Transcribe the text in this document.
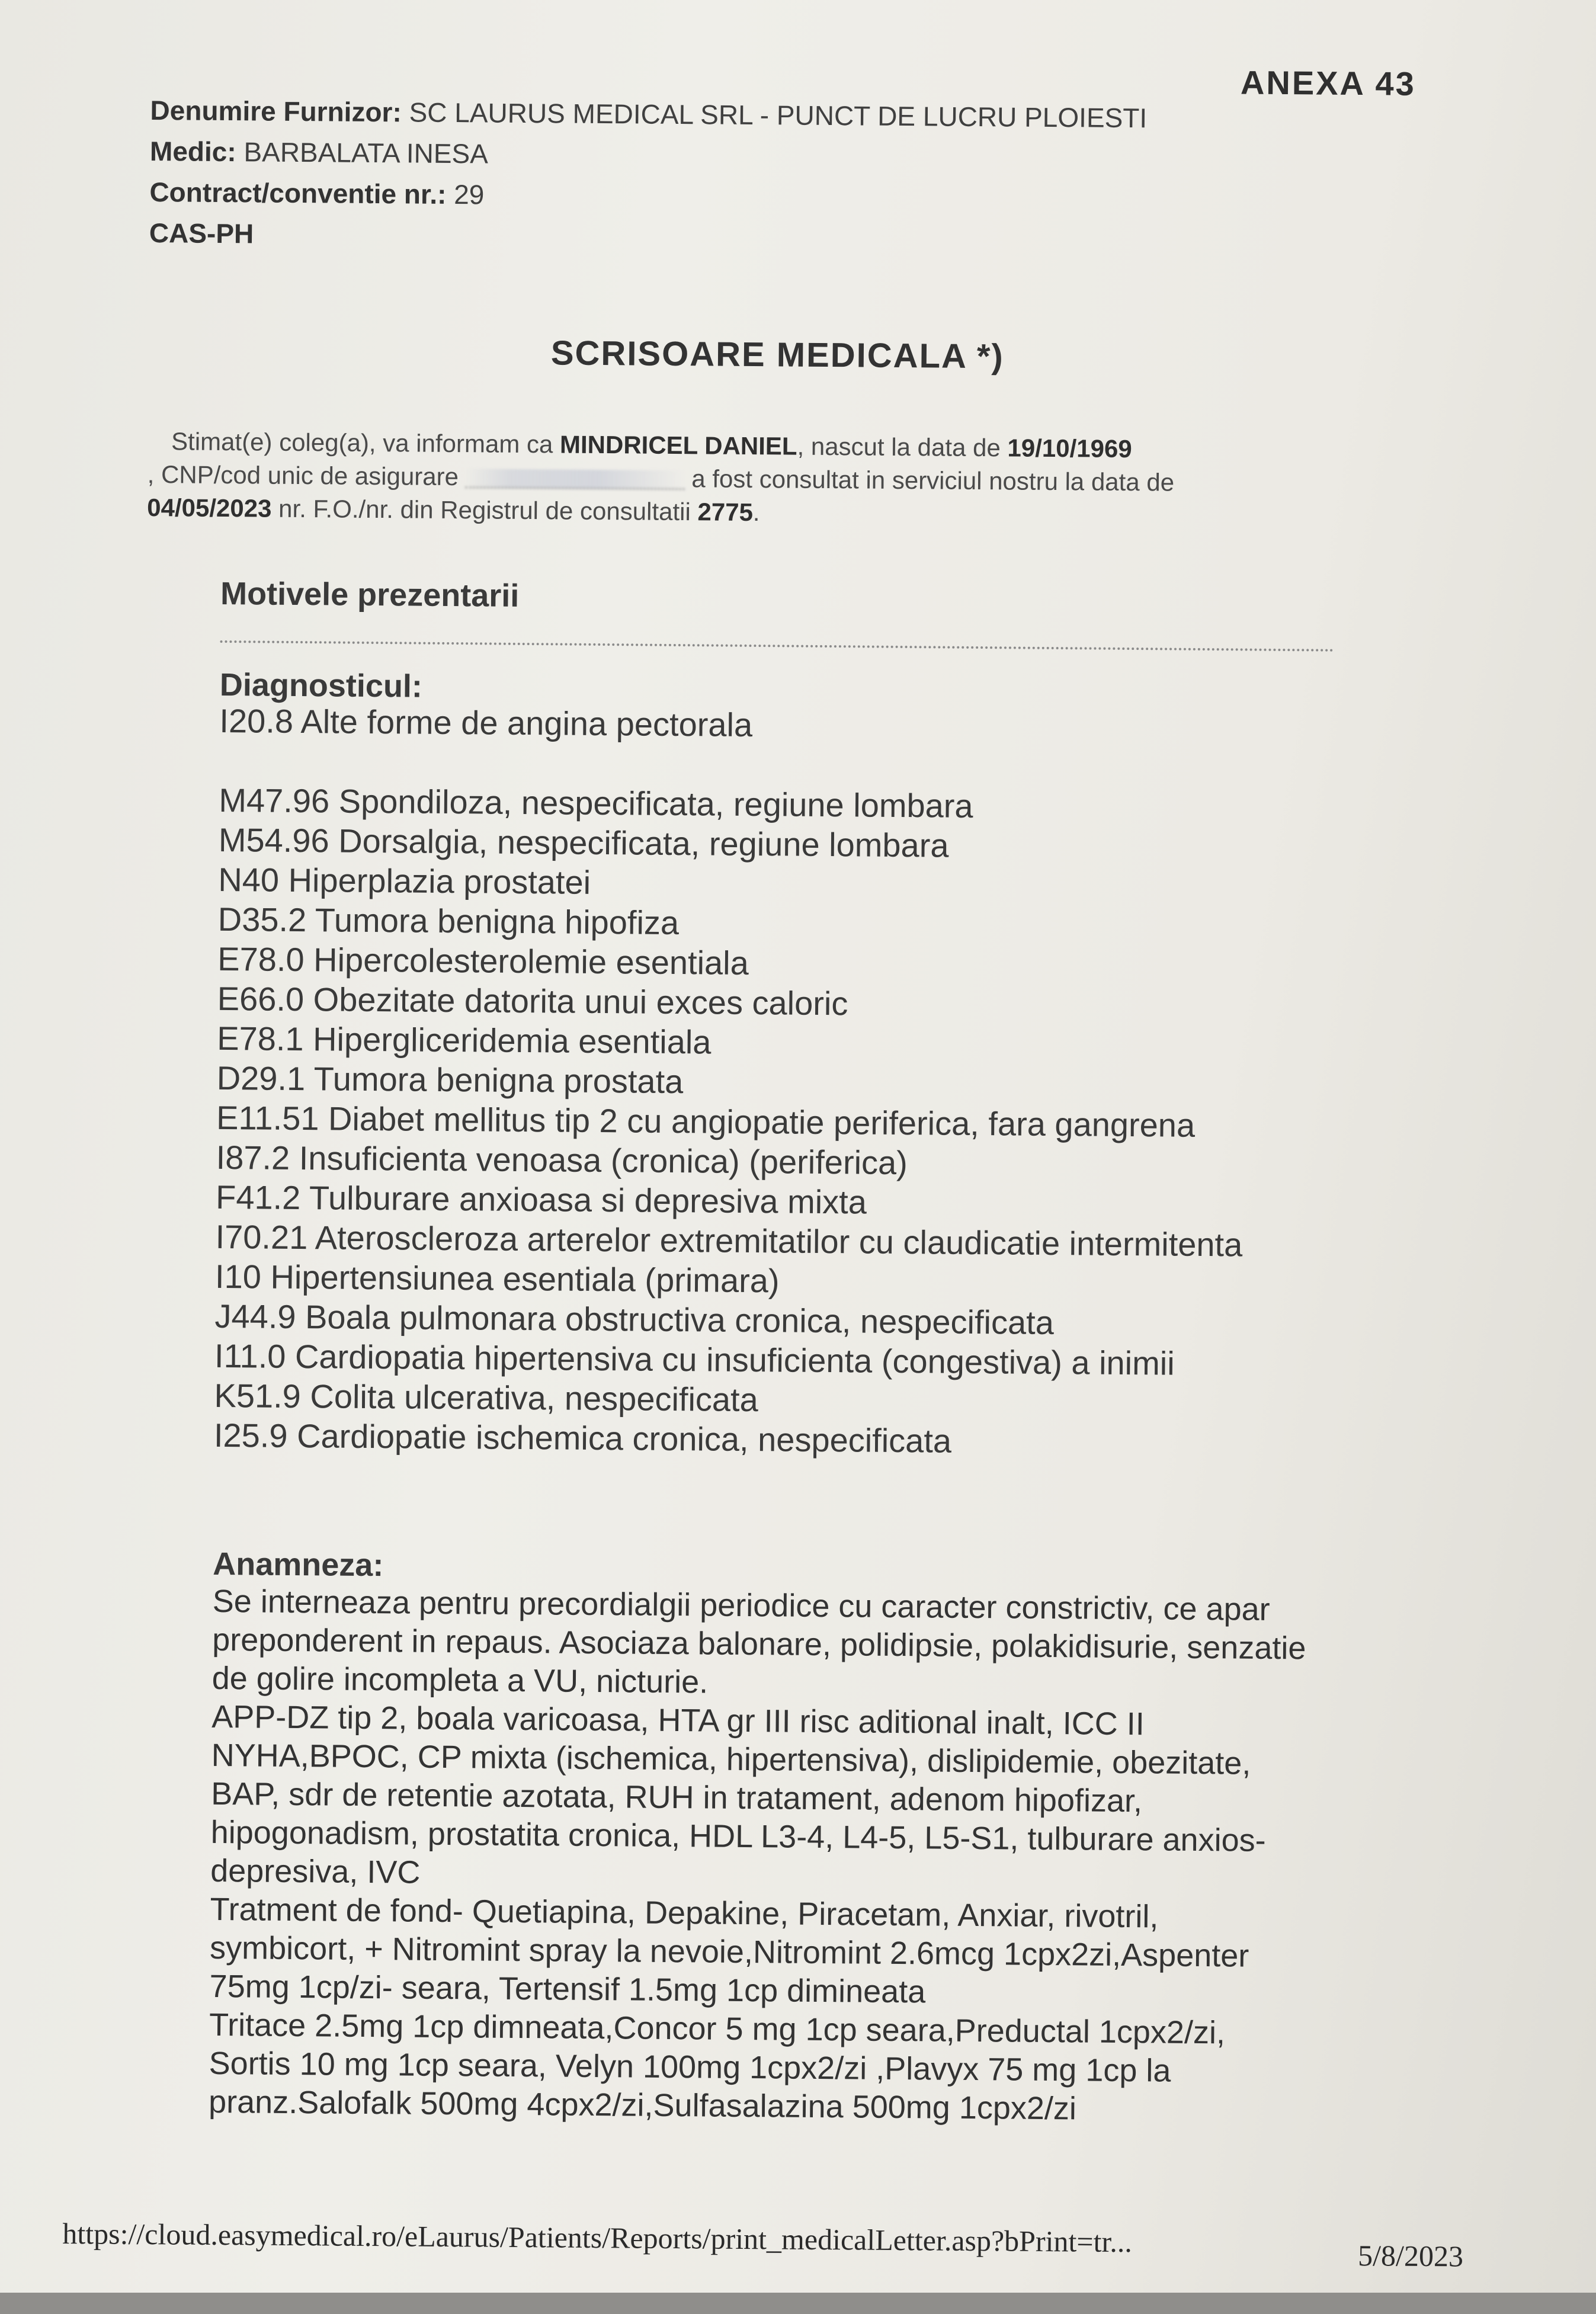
ANEXA 43
Denumire Furnizor: SC LAURUS MEDICAL SRL - PUNCT DE LUCRU PLOIESTI
Medic: BARBALATA INESA
Contract/conventie nr.: 29
CAS-PH
SCRISOARE MEDICALA *)
Stimat(e) coleg(a), va informam ca MINDRICEL DANIEL, nascut la data de 19/10/1969
, CNP/cod unic de asigurare	a fost consultat in serviciul nostru la data de
04/05/2023 nr. F.O./nr. din Registrul de consultatii 2775.
Motivele prezentarii
Diagnosticul:
I20.8 Alte forme de angina pectorala
M47.96 Spondiloza, nespecificata, regiune lombara
M54.96 Dorsalgia, nespecificata, regiune lombara
N40 Hiperplazia prostatei
D35.2 Tumora benigna hipofiza
E78.0 Hipercolesterolemie esentiala
E66.0 Obezitate datorita unui exces caloric
E78.1 Hipergliceridemia esentiala
D29.1 Tumora benigna prostata
E11.51 Diabet mellitus tip 2 cu angiopatie periferica, fara gangrena
I87.2 Insuficienta venoasa (cronica) (periferica)
F41.2 Tulburare anxioasa si depresiva mixta
I70.21 Ateroscleroza arterelor extremitatilor cu claudicatie intermitenta
I10 Hipertensiunea esentiala (primara)
J44.9 Boala pulmonara obstructiva cronica, nespecificata
I11.0 Cardiopatia hipertensiva cu insuficienta (congestiva) a inimii
K51.9 Colita ulcerativa, nespecificata
I25.9 Cardiopatie ischemica cronica, nespecificata
Anamneza:

Se interneaza pentru precordialgii periodice cu caracter constrictiv, ce apar

preponderent in repaus. Asociaza balonare, polidipsie, polakidisurie, senzatie

de golire incompleta a VU, nicturie.

APP-DZ tip 2, boala varicoasa, HTA gr III risc aditional inalt, ICC II

NYHA,BPOC, CP mixta (ischemica, hipertensiva), dislipidemie, obezitate,

BAP, sdr de retentie azotata, RUH in tratament, adenom hipofizar,

hipogonadism, prostatita cronica, HDL L3-4, L4-5, L5-S1, tulburare anxios-

depresiva, IVC

Tratment de fond- Quetiapina, Depakine, Piracetam, Anxiar, rivotril,

symbicort, + Nitromint spray la nevoie,Nitromint 2.6mcg 1cpx2zi,Aspenter

75mg 1cp/zi- seara, Tertensif 1.5mg 1cp dimineata

Tritace 2.5mg 1cp dimneata,Concor 5 mg 1cp seara,Preductal 1cpx2/zi,

Sortis 10 mg 1cp seara, Velyn 100mg 1cpx2/zi ,Plavyx 75 mg 1cp la

pranz.Salofalk 500mg 4cpx2/zi,Sulfasalazina 500mg 1cpx2/zi

https://cloud.easymedical.ro/eLaurus/Patients/Reports/print_medicalLetter.asp?bPrint=tr...	5/8/2023
